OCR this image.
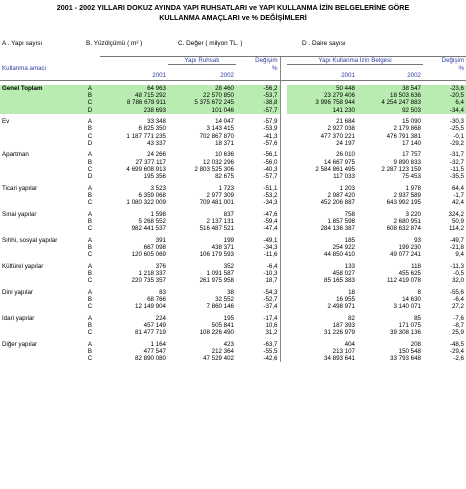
2001 - 2002 YILLARI DOKUZ AYINDA YAPI RUHSATLARI ve YAPI KULLANMA İZİN BELGELERİNE GÖRE
KULLANMA AMAÇLARI ve % DEĞİŞİMLERİ
A . Yapı sayısı	B. Yüzölçümü ( m² )	C. Değer ( milyon TL. )	D . Daire sayısı
			Yapı Ruhsatı	Değişim		Yapı Kullanma İzin Belgesi		Değişim
Kullanma amacı				%				%
		2001	2002			2001	2002	

Genel Toplam	A	64 963	28 460	-56,2		50 448	38 547	-23,6
	B	48 715 292	22 570 850	-53,7		23 279 406	18 503 636	-20,5
	C	8 786 678 911	5 375 672 245	-38,8		3 996 758 944	4 254 247 883	6,4
	D	238 693	101 046	-57,7		141 230	92 503	-34,4

Ev	A	33 348	14 047	-57,9		21 684	15 090	-30,3
	B	6 825 350	3 143 415	-53,9		2 927 038	2 179 868	-25,5
	C	1 187 771 235	702 867 870	-41,3		477 370 221	476 791 381	-0,1
	D	43 337	18 371	-57,6		24 197	17 140	-29,2

Apartman	A	24 266	10 636	-56,1		26 010	17 757	-31,7
	B	27 377 117	12 032 296	-56,0		14 667 975	9 890 833	-32,7
	C	4 699 608 913	2 803 525 306	-40,3		2 584 861 495	2 287 123 159	-11,5
	D	195 356	82 675	-57,7		117 033	75 453	-35,5

Ticari yapılar	A	3 523	1 723	-51,1		1 203	1 978	64,4
	B	6 359 068	2 977 309	-53,2		2 987 420	2 937 589	-1,7
	C	1 080 322 009	709 481 001	-34,3		452 206 887	643 992 195	42,4

Sınai yapılar	A	1 598	837	-47,6		758	3 220	324,2
	B	5 268 552	2 137 131	-59,4		1 857 598	2 680 951	50,9
	C	982 441 537	516 487 521	-47,4		284 136 387	608 632 874	114,2

Sıhhi, sosyal yapılar	A	391	199	-49,1		185	93	-49,7
	B	667 098	438 371	-34,3		254 922	199 230	-21,8
	C	120 605 069	106 179 593	-11,6		44 850 410	49 077 241	9,4

Kültürel yapılar	A	376	352	-6,4		133	118	-11,3
	B	1 218 337	1 091 587	-10,3		458 027	455 625	-0,5
	C	220 735 357	261 975 958	18,7		85 165 383	112 419 078	32,0

Dini yapılar	A	83	38	-54,3		18	8	-55,6
	B	68 766	32 552	-52,7		16 955	14 630	-6,4
	C	12 149 904	7 860 146	-37,4		2 498 971	3 140 071	27,2

İdari yapılar	A	224	195	-17,4		82	85	-7,6
	B	457 149	505 841	10,6		187 393	171 075	-8,7
	C	81 477 719	108 226 490	31,2		31 226 979	39 308 136	25,9

Diğer yapılar	A	1 164	423	-63,7		404	208	-48,5
	B	477 547	212 364	-55,5		213 107	150 548	-29,4
	C	82 890 080	47 529 402	-42,6		34 893 641	33 793 648	-2,6
